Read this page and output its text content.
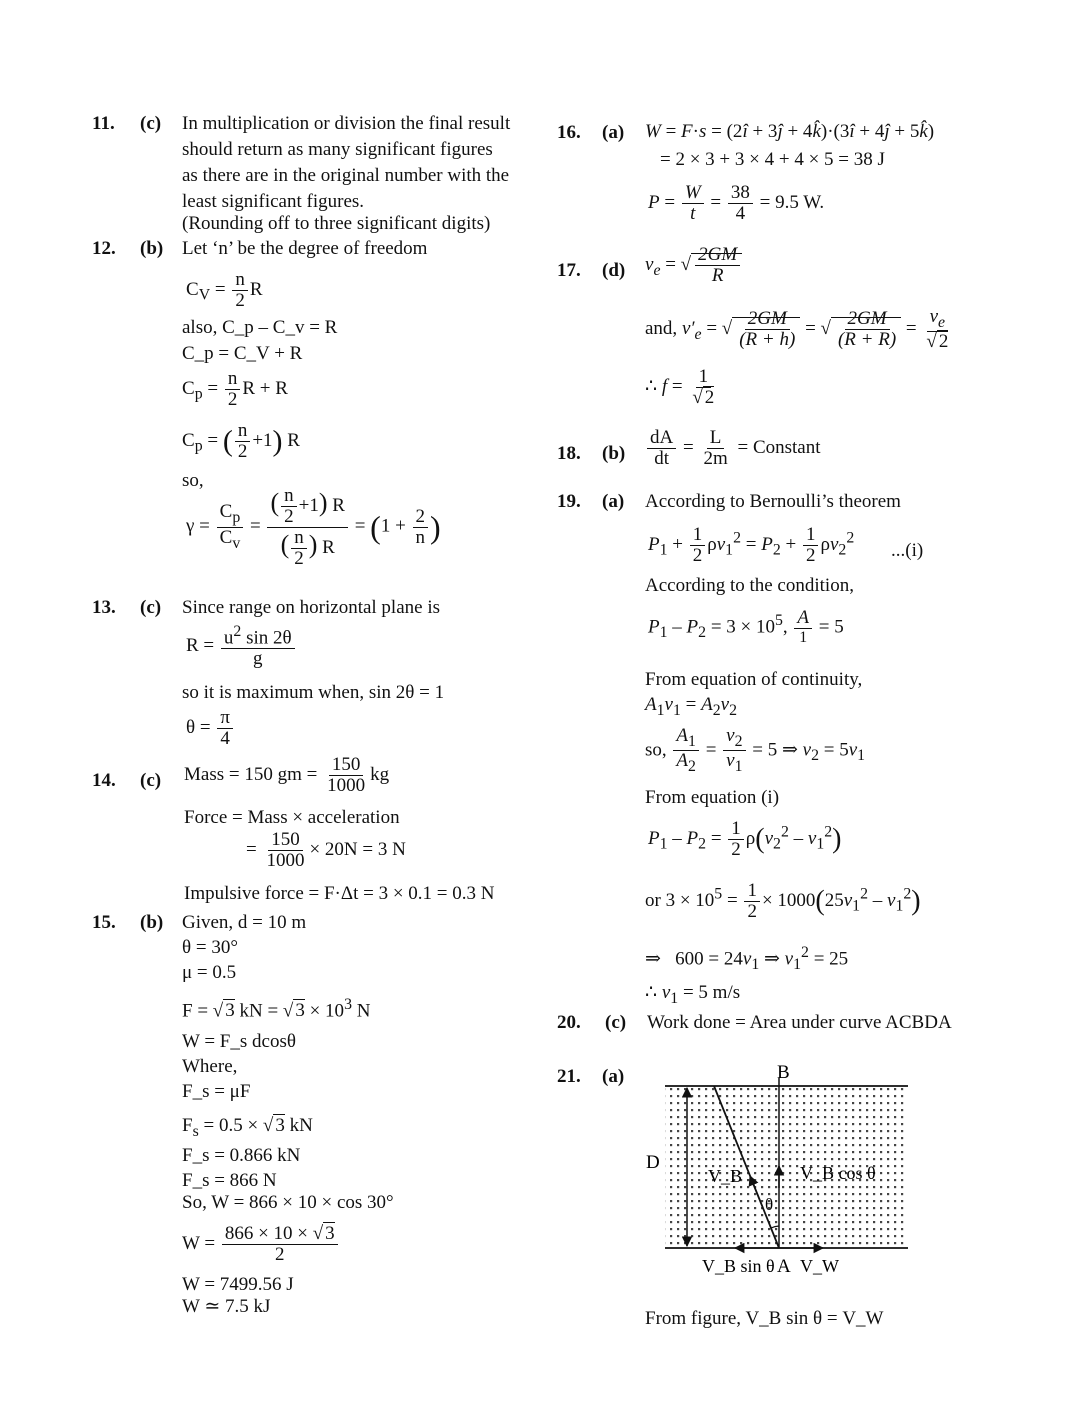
11. (c) In multiplication or division the final result
should return as many significant figures
as there are in the original number with the
least significant figures.
(Rounding off to three significant digits)
12. (b) Let ‘n’ be the degree of freedom
$C_V = \frac{n}{2}$ R
also, C_p – C_v = R
C_p = C_V + R
$C_p = \frac{n}{2}$ R + R
$C_p$ = ( $\frac{n}{2} +1$) R
so,
$\gamma = \frac{C_p}{C_v} = \frac{( \frac{n}{2} +1) R}{( \frac{n}{2} ) R} = (1 + \frac{2}{n}$ )
13. (c) Since range on horizontal plane is
$R = \frac{u^2 \sin 2\theta}{g}$
so it is maximum when, sin 2θ = 1
$\theta = \frac{\pi}{4}$
14. (c) Mass = 150 gm = $\frac{150}{1000}$ kg
Force = Mass × acceleration
= $\frac{150}{1000} \times 20N = 3$ N
Impulsive force = F·Δt = 3 × 0.1 = 0.3 N
15. (b) Given, d = 10 m
θ = 30°
μ = 0.5
F = √ 3 kN = √ $3 \times 10^3$ N
W = F_s dcosθ
Where,
F_s = μF
$F_s = 0.5$ × √ 3 kN
F_s = 0.866 kN
F_s = 866 N
So, W = 866 × 10 × cos 30°
$W = \frac{866 \times 10 \times √ 3}{2}$
W = 7499.56 J
W ≃ 7.5 kJ
16. (a) W = F·s = (2î + 3ĵ + 4k̂)·(3î + 4ĵ + 5k̂)
= 2 × 3 + 3 × 4 + 4 × 5 = 38 J
$P = \frac{W}{t} = \frac{38}{4} = 9.5$ W.
17. (d) $v_e$ = √ $\frac{2GM}{R}$
and, $v'_e$ = √ $\frac{2GM}{(R + h)}$ = √ $\frac{2GM}{(R + R)} = \frac{v_e}{√ 2}$
∴ $f = \frac{1}{√ 2}$
18. $(b) \frac{dA}{dt} = \frac{L}{2m}$ = Constant
19. (a) According to Bernoulli’s theorem
$P_1 + \frac{1}{2} \rho v_1^2 = P_2 + \frac{1}{2} \rho v_2^2$
...(i)
According to the condition,
$P_1 - P_2 = 3 \times 10^5$, $\frac{A}{1} = 5$
From equation of continuity,
$A_1v_1 = A_2v_2$
so, $\frac{A_1}{A_2} = \frac{v_2}{v_1} = 5$ ⇒ $v_2 = 5v_1$
From equation (i)
$P_1 - P_2 = \frac{1}{2} \rho(v_2^2 - v_1^2)$
or $3 \times 10^5 = \frac{1}{2} \times 1000(25v_1^2 - v_1^2)$
⇒   $600 = 24v_1$ ⇒ $v_1^2 = 25$
∴ $v_1 = 5$ m/s
20. (c) Work done = Area under curve ACBDA
21. (a)	B
D
V_B	V_B cos θ
θ
V_B sin θ A V_W
From figure, V_B sin θ = V_W
